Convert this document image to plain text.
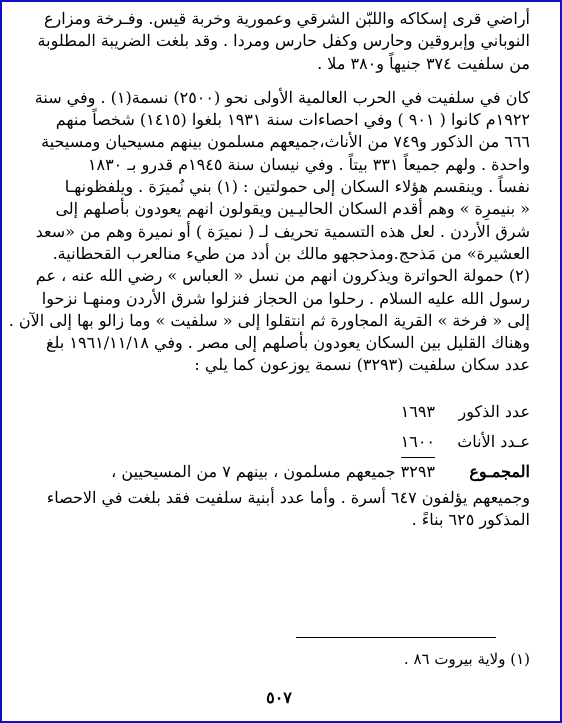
أراضي قرى إسكاكه واللبّن الشرقي وعمورية وخربة قيس. وفـرخة ومزارع
النوباني وإبروقين وحارس وكفل حارس ومردا . وقد بلغت الضريبة المطلوبة
من سلفيت ٣٧٤ جنيهاً و٣٨٠ ملا .
كان في سلفيت في الحرب العالمية الأولى نحو (٢٥٠٠) نسمة(١) . وفي سنة
١٩٢٢م كانوا ( ٩٠١ ) وفي احصاءات سنة ١٩٣١ بلغوا (١٤١٥) شخصاً منهم
٦٦٦ من الذكور و٧٤٩ من الأناث،جميعهم مسلمون بينهم مسيحيان ومسيحية
واحدة . ولهم جميعاً ٣٣١ بيتاً . وفي نيسان سنة ١٩٤٥م قدرو بـ ١٨٣٠
نفساً . وينقسم هؤلاء السكان إلى حمولتين : (١) بني نُميرَة . ويلفظونهـا
« بنيمرِة » وهم أقدم السكان الحاليـين ويقولون انهم يعودون بأصلهم إلى
شرق الأردن . لعل هذه التسمية تحريف لـ ( نميرَة ) أو نميرة وهم من «سعد
العشيرة» من مَذحج.ومذحجهو مالك بن أدد من طيء منالعرب القحطانية.
(٢) حمولة الحواترة ويذكرون انهم من نسل « العباس » رضي الله عنه ، عم
رسول الله عليه السلام . رحلوا من الحجاز فنزلوا شرق الأردن ومنهـا نزحوا
إلى « فرخة » القرية المجاورة ثم انتقلوا إلى « سلفيت » وما زالو بها إلى الآن .
وهناك القليل بين السكان يعودون بأصلهم إلى مصر . وفي ١٩٦١/١١/١٨ بلغ
عدد سكان سلفيت (٣٢٩٣) نسمة يوزعون كما يلي :
عدد الذكور
١٦٩٣
عـدد الأناث
١٦٠٠
المجمـوع
٣٢٩٣ جميعهم مسلمون ، بينهم ٧ من المسيحيين ،
وجميعهم يؤلفون ٦٤٧ أسرة . وأما عدد أبنية سلفيت فقد بلغت في الاحصاء
المذكور ٦٢٥ بناءً .
(١) ولاية بيروت ٨٦ .
٥٠٧
